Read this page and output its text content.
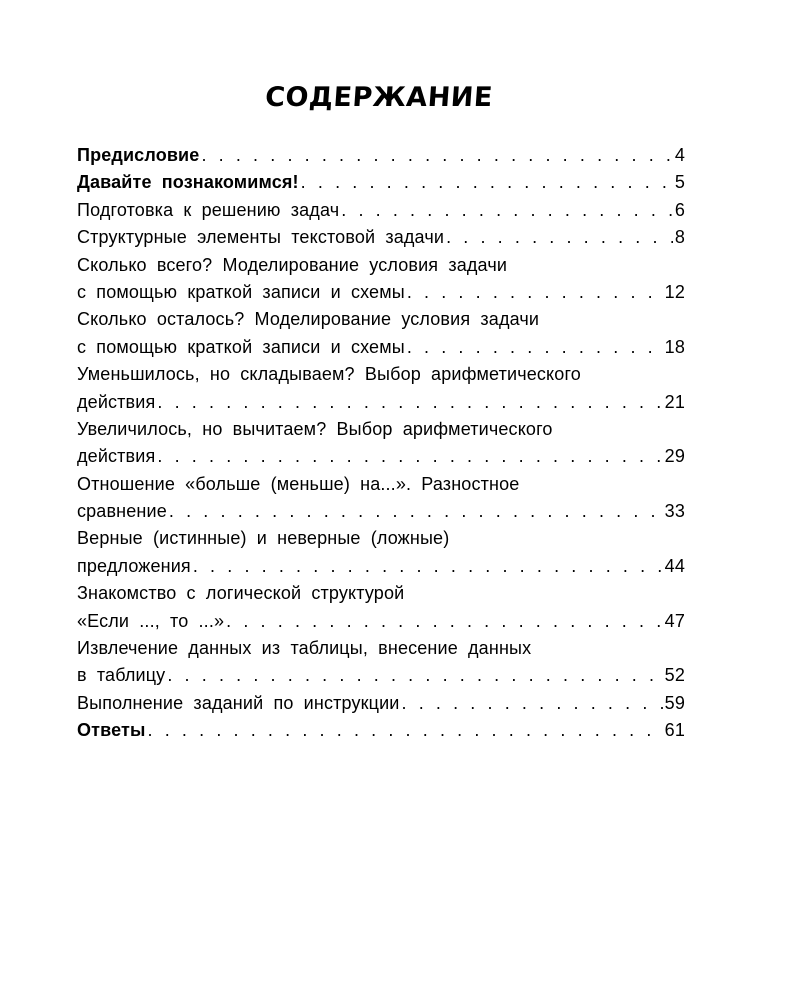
СОДЕРЖАНИЕ
Предисловие . . .	4
Давайте познакомимся! . . .	5
Подготовка к решению задач . . .	6
Структурные элементы текстовой задачи . . .	8
Сколько всего? Моделирование условия задачи
с помощью краткой записи и схемы . . .	12
Сколько осталось? Моделирование условия задачи
с помощью краткой записи и схемы . . .	18
Уменьшилось, но складываем? Выбор арифметического
действия . . .	21
Увеличилось, но вычитаем? Выбор арифметического
действия . . .	29
Отношение «больше (меньше) на...». Разностное
сравнение . . .	33
Верные (истинные) и неверные (ложные)
предложения . . .	44
Знакомство с логической структурой
«Если ..., то ...» . . .	47
Извлечение данных из таблицы, внесение данных
в таблицу . . .	52
Выполнение заданий по инструкции . . .	59
Ответы . . .	61
